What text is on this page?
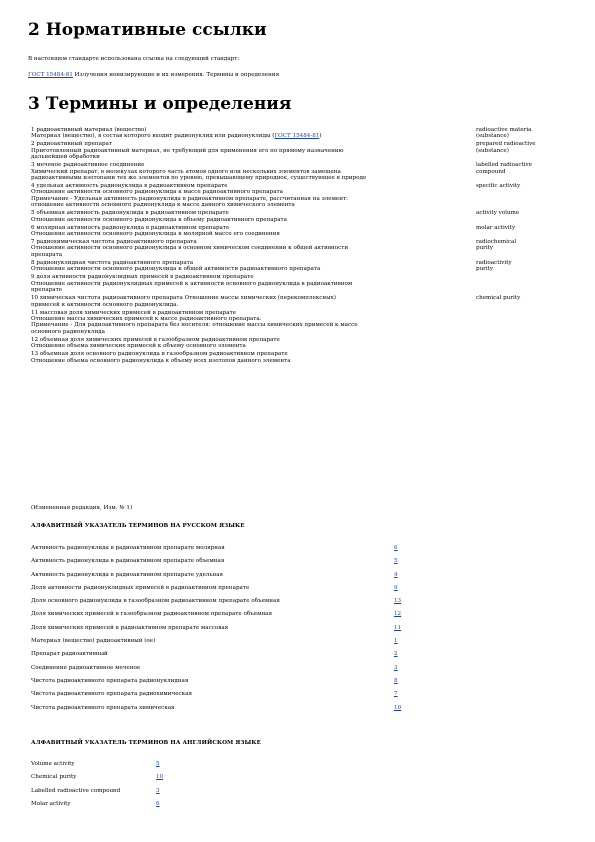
2 Нормативные ссылки
В настоящем стандарте использована ссылка на следующий стандарт:
ГОСТ 15484-81 Излучения ионизирующие и их измерения. Термины и определения
3 Термины и определения
1 радиоактивный материал (вещество)
Материал (вещество), в состав которого входит радионуклид или радионуклиды (ГОСТ 15484-81)
radioactive materia
(substance)
2 радиоактивный препарат
Приготовленный радиоактивный материал, не требующий для применения его по прямому назначению
дальнейшей обработки
prepared radioactive
(substance)
3 меченое радиоактивное соединение
Химический препарат, в молекулах которого часть атомов одного или нескольких элементов замещена
радиоактивными изотопами тех же элементов по уровню, превышающему природное, существующее в природе
labelled radioactive
compound
4 удельная активность радионуклида в радиоактивном препарате
Отношение активности основного радионуклида к массе радиоактивного препарата
Примечание - Удельная активность радионуклида в радиоактивном препарате, рассчитанная на элемент:
отношение активности основного радионуклида к массе данного химического элемента
specific activity
5 объемная активность радионуклида в радиоактивном препарате
Отношение активности основного радионуклида к объему радиоактивного препарата
activity volume
6 молярная активность радионуклида в радиоактивном препарате
Отношение активности основного радионуклида к молярной массе его соединения
molar activity
7 радиохимическая чистота радиоактивного препарата
Отношение активности основного радионуклида в основном химическом соединении к общей активности
препарата
radiochemical
purity
8 радионуклидная чистота радиоактивного препарата
Отношение активности основного радионуклида к общей активности радиоактивного препарата
radioactivity
purity
9 доля активности радионуклидных примесей в радиоактивном препарате
Отношение активности радионуклидных примесей к активности основного радионуклида в радиоактивном
препарате
10 химическая чистота радиоактивного препарата Отношение массы химических (перекомплексных)
примесей к активности основного радионуклида.
chemical purity
11 массовая доля химических примесей в радиоактивном препарате
Отношение массы химических примесей к массе радиоактивного препарата.
Примечание - Для радиоактивного препарата без носителя: отношение массы химических примесей к массе
основного радионуклида
12 объемная доля химических примесей в газообразном радиоактивном препарате
Отношение объема химических примесей к объему основного элемента
13 объемная доля основного радионуклида в газообразном радиоактивном препарате
Отношение объема основного радионуклида к объему всех изотопов данного элемента
(Измененная редакция, Изм. № 1)
АЛФАВИТНЫЙ УКАЗАТЕЛЬ ТЕРМИНОВ НА РУССКОМ ЯЗЫКЕ
Активность радионуклида в радиоактивном препарате молярная	6
Активность радионуклида в радиоактивном препарате объемная	5
Активность радионуклида в радиоактивном препарате удельная	4
Доля активности радионуклидных примесей в радиоактивном препарате	9
Доля основного радионуклида в газообразном радиоактивном препарате объемная	13
Доля химических примесей в газообразном радиоактивном препарате объемная	12
Доля химических примесей в радиоактивном препарате массовая	11
Материал (вещество) радиоактивный (ое)	1
Препарат радиоактивный	2
Соединение радиоактивное меченое	3
Чистота радиоактивного препарата радионуклидная	8
Чистота радиоактивного препарата радиохимическая	7
Чистота радиоактивного препарата химическая	10
АЛФАВИТНЫЙ УКАЗАТЕЛЬ ТЕРМИНОВ НА АНГЛИЙСКОМ ЯЗЫКЕ
Volume activity	5
Chemical purity	10
Labelled radioactive compound	3
Molar activity	6
